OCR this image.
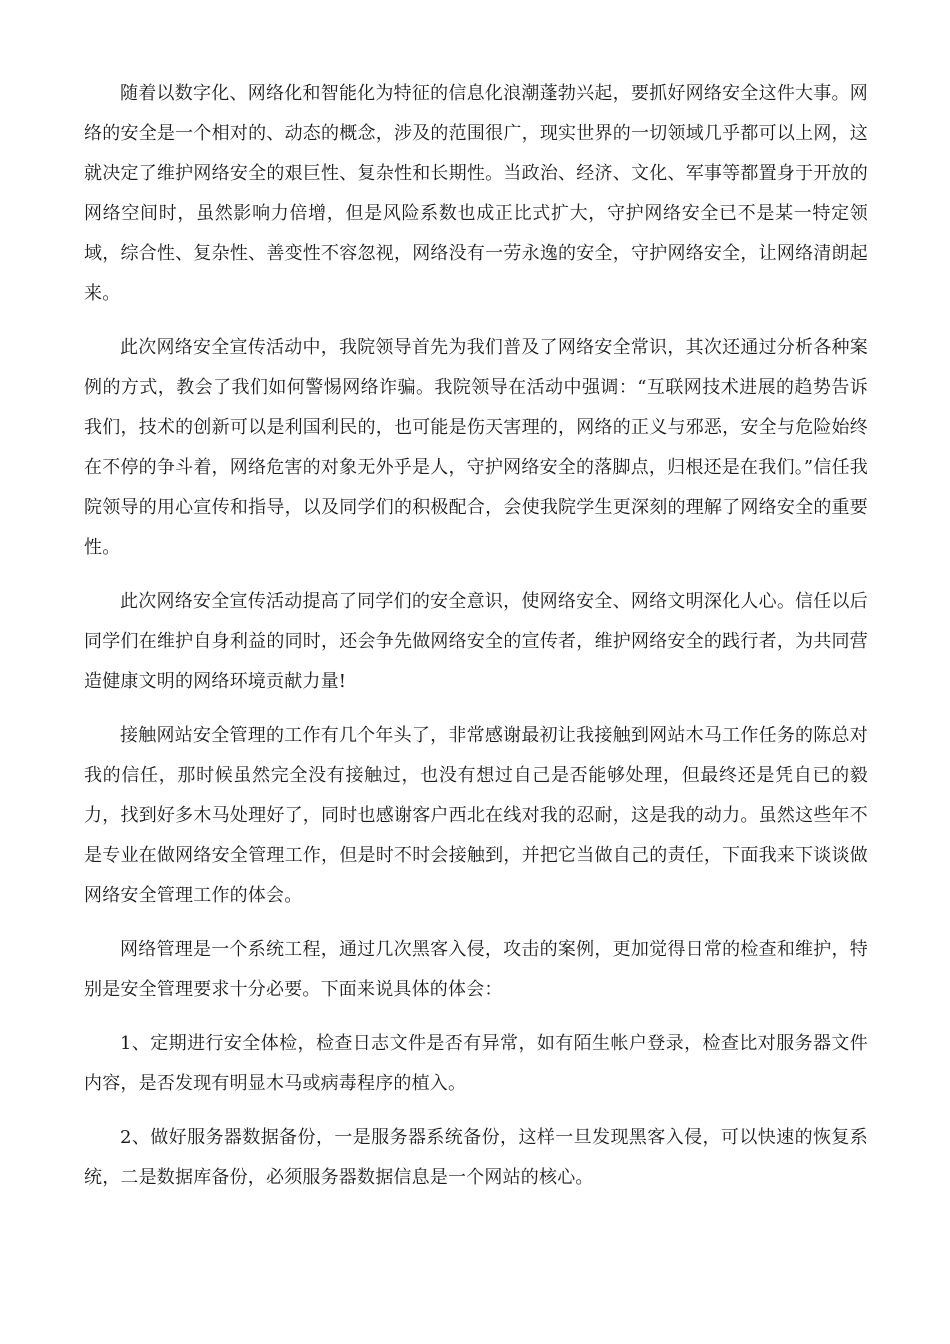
随着以数字化、网络化和智能化为特征的信息化浪潮蓬勃兴起，要抓好网络安全这件大事。网络的安全是一个相对的、动态的概念，涉及的范围很广，现实世界的一切领域几乎都可以上网，这就决定了维护网络安全的艰巨性、复杂性和长期性。当政治、经济、文化、军事等都置身于开放的网络空间时，虽然影响力倍增，但是风险系数也成正比式扩大，守护网络安全已不是某一特定领域，综合性、复杂性、善变性不容忽视，网络没有一劳永逸的安全，守护网络安全，让网络清朗起来。

此次网络安全宣传活动中，我院领导首先为我们普及了网络安全常识，其次还通过分析各种案例的方式，教会了我们如何警惕网络诈骗。我院领导在活动中强调：“互联网技术进展的趋势告诉我们，技术的创新可以是利国利民的，也可能是伤天害理的，网络的正义与邪恶，安全与危险始终在不停的争斗着，网络危害的对象无外乎是人，守护网络安全的落脚点，归根还是在我们。”信任我院领导的用心宣传和指导，以及同学们的积极配合，会使我院学生更深刻的理解了网络安全的重要性。

此次网络安全宣传活动提高了同学们的安全意识，使网络安全、网络文明深化人心。信任以后同学们在维护自身利益的同时，还会争先做网络安全的宣传者，维护网络安全的践行者，为共同营造健康文明的网络环境贡献力量!

接触网站安全管理的工作有几个年头了，非常感谢最初让我接触到网站木马工作任务的陈总对我的信任，那时候虽然完全没有接触过，也没有想过自己是否能够处理，但最终还是凭自已的毅力，找到好多木马处理好了，同时也感谢客户西北在线对我的忍耐，这是我的动力。虽然这些年不是专业在做网络安全管理工作，但是时不时会接触到，并把它当做自己的责任，下面我来下谈谈做网络安全管理工作的体会。

网络管理是一个系统工程，通过几次黑客入侵，攻击的案例，更加觉得日常的检查和维护，特别是安全管理要求十分必要。下面来说具体的体会：

1、定期进行安全体检，检查日志文件是否有异常，如有陌生帐户登录，检查比对服务器文件内容，是否发现有明显木马或病毒程序的植入。

2、做好服务器数据备份，一是服务器系统备份，这样一旦发现黑客入侵，可以快速的恢复系统，二是数据库备份，必须服务器数据信息是一个网站的核心。
